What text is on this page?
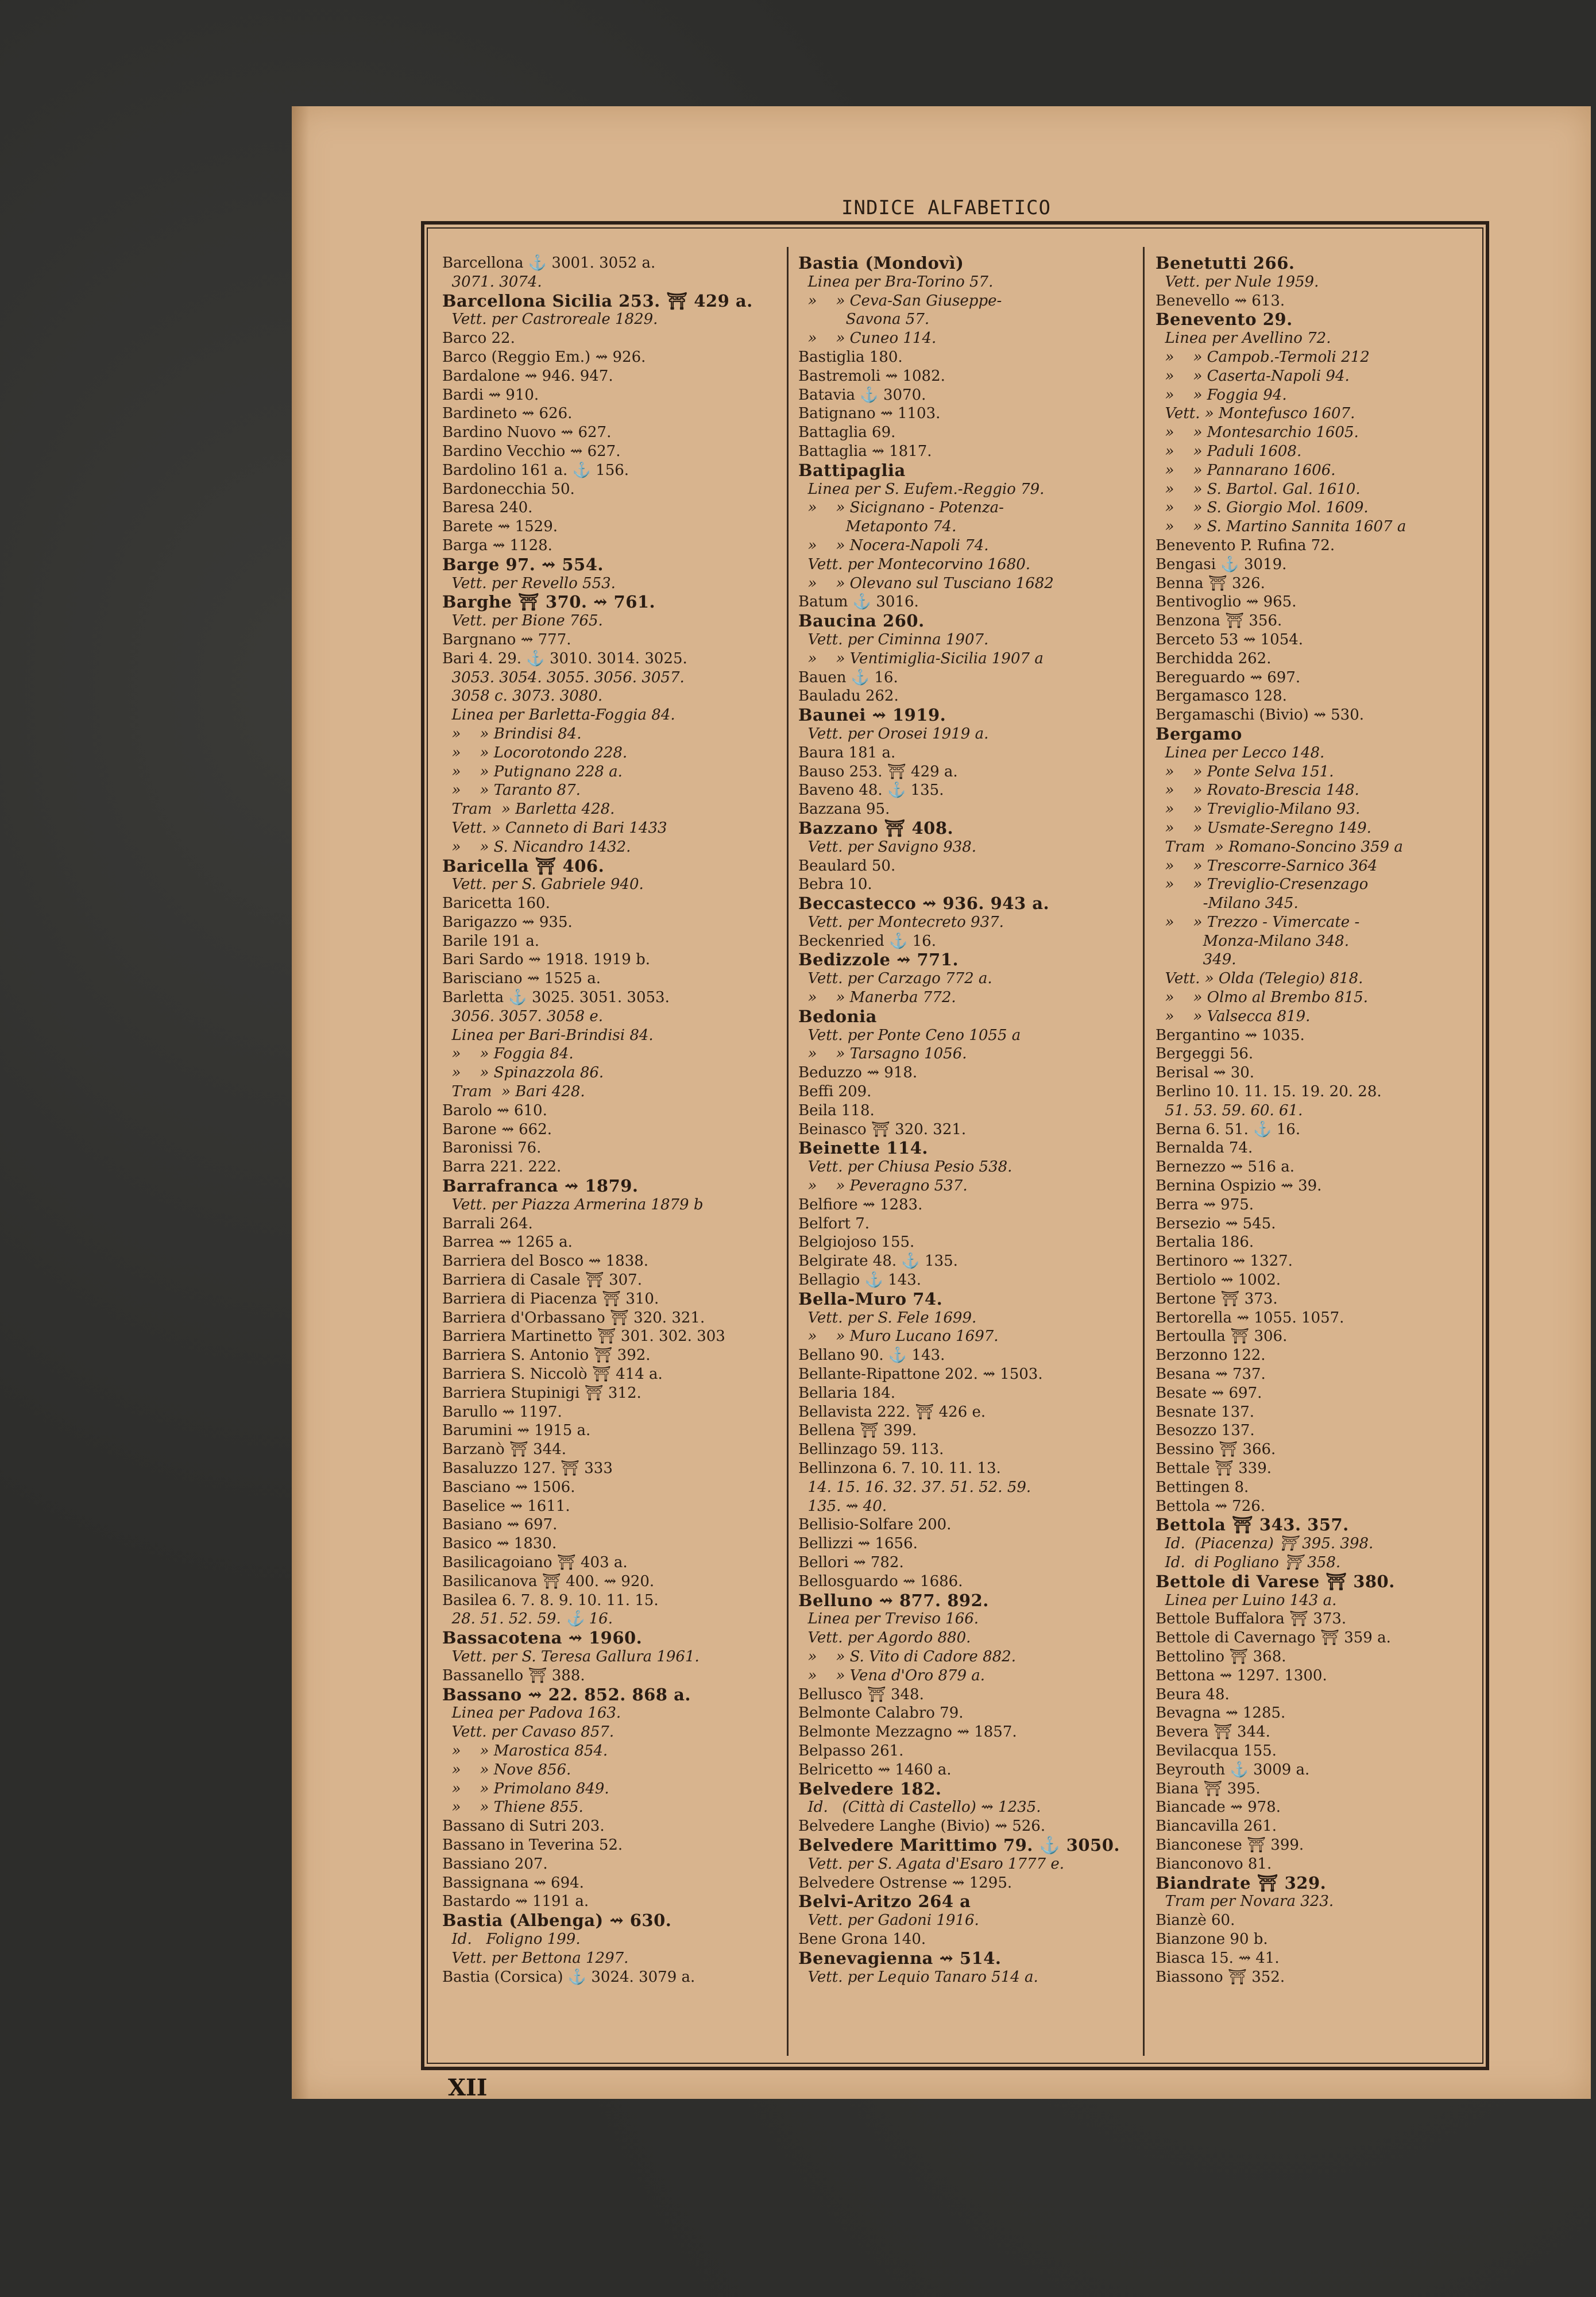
INDICE ALFABETICO
Barcellona ⚓ 3001. 3052 a.
3071. 3074.
Barcellona Sicilia 253. ⛩ 429 a.
Vett. per Castroreale 1829.
Barco 22.
Barco (Reggio Em.) ⇝ 926.
Bardalone ⇝ 946. 947.
Bardi ⇝ 910.
Bardineto ⇝ 626.
Bardino Nuovo ⇝ 627.
Bardino Vecchio ⇝ 627.
Bardolino 161 a. ⚓ 156.
Bardonecchia 50.
Baresa 240.
Barete ⇝ 1529.
Barga ⇝ 1128.
Barge 97. ⇝ 554.
Vett. per Revello 553.
Barghe ⛩ 370. ⇝ 761.
Vett. per Bione 765.
Bargnano ⇝ 777.
Bari 4. 29. ⚓ 3010. 3014. 3025.
3053. 3054. 3055. 3056. 3057.
3058 c. 3073. 3080.
Linea per Barletta-Foggia 84.
»    » Brindisi 84.
»    » Locorotondo 228.
»    » Putignano 228 a.
»    » Taranto 87.
Tram  » Barletta 428.
Vett. » Canneto di Bari 1433
»    » S. Nicandro 1432.
Baricella ⛩ 406.
Vett. per S. Gabriele 940.
Baricetta 160.
Barigazzo ⇝ 935.
Barile 191 a.
Bari Sardo ⇝ 1918. 1919 b.
Barisciano ⇝ 1525 a.
Barletta ⚓ 3025. 3051. 3053.
3056. 3057. 3058 e.
Linea per Bari-Brindisi 84.
»    » Foggia 84.
»    » Spinazzola 86.
Tram  » Bari 428.
Barolo ⇝ 610.
Barone ⇝ 662.
Baronissi 76.
Barra 221. 222.
Barrafranca ⇝ 1879.
Vett. per Piazza Armerina 1879 b
Barrali 264.
Barrea ⇝ 1265 a.
Barriera del Bosco ⇝ 1838.
Barriera di Casale ⛩ 307.
Barriera di Piacenza ⛩ 310.
Barriera d'Orbassano ⛩ 320. 321.
Barriera Martinetto ⛩ 301. 302. 303
Barriera S. Antonio ⛩ 392.
Barriera S. Niccolò ⛩ 414 a.
Barriera Stupinigi ⛩ 312.
Barullo ⇝ 1197.
Barumini ⇝ 1915 a.
Barzanò ⛩ 344.
Basaluzzo 127. ⛩ 333
Basciano ⇝ 1506.
Baselice ⇝ 1611.
Basiano ⇝ 697.
Basico ⇝ 1830.
Basilicagoiano ⛩ 403 a.
Basilicanova ⛩ 400. ⇝ 920.
Basilea 6. 7. 8. 9. 10. 11. 15.
28. 51. 52. 59. ⚓ 16.
Bassacotena ⇝ 1960.
Vett. per S. Teresa Gallura 1961.
Bassanello ⛩ 388.
Bassano ⇝ 22. 852. 868 a.
Linea per Padova 163.
Vett. per Cavaso 857.
»    » Marostica 854.
»    » Nove 856.
»    » Primolano 849.
»    » Thiene 855.
Bassano di Sutri 203.
Bassano in Teverina 52.
Bassiano 207.
Bassignana ⇝ 694.
Bastardo ⇝ 1191 a.
Bastia (Albenga) ⇝ 630.
Id.   Foligno 199.
Vett. per Bettona 1297.
Bastia (Corsica) ⚓ 3024. 3079 a.
Bastia (Mondovì)
Linea per Bra-Torino 57.
»    » Ceva-San Giuseppe-
Savona 57.
»    » Cuneo 114.
Bastiglia 180.
Bastremoli ⇝ 1082.
Batavia ⚓ 3070.
Batignano ⇝ 1103.
Battaglia 69.
Battaglia ⇝ 1817.
Battipaglia
Linea per S. Eufem.-Reggio 79.
»    » Sicignano - Potenza-
Metaponto 74.
»    » Nocera-Napoli 74.
Vett. per Montecorvino 1680.
»    » Olevano sul Tusciano 1682
Batum ⚓ 3016.
Baucina 260.
Vett. per Ciminna 1907.
»    » Ventimiglia-Sicilia 1907 a
Bauen ⚓ 16.
Bauladu 262.
Baunei ⇝ 1919.
Vett. per Orosei 1919 a.
Baura 181 a.
Bauso 253. ⛩ 429 a.
Baveno 48. ⚓ 135.
Bazzana 95.
Bazzano ⛩ 408.
Vett. per Savigno 938.
Beaulard 50.
Bebra 10.
Beccastecco ⇝ 936. 943 a.
Vett. per Montecreto 937.
Beckenried ⚓ 16.
Bedizzole ⇝ 771.
Vett. per Carzago 772 a.
»    » Manerba 772.
Bedonia
Vett. per Ponte Ceno 1055 a
»    » Tarsagno 1056.
Beduzzo ⇝ 918.
Beffi 209.
Beila 118.
Beinasco ⛩ 320. 321.
Beinette 114.
Vett. per Chiusa Pesio 538.
»    » Peveragno 537.
Belfiore ⇝ 1283.
Belfort 7.
Belgiojoso 155.
Belgirate 48. ⚓ 135.
Bellagio ⚓ 143.
Bella-Muro 74.
Vett. per S. Fele 1699.
»    » Muro Lucano 1697.
Bellano 90. ⚓ 143.
Bellante-Ripattone 202. ⇝ 1503.
Bellaria 184.
Bellavista 222. ⛩ 426 e.
Bellena ⛩ 399.
Bellinzago 59. 113.
Bellinzona 6. 7. 10. 11. 13.
14. 15. 16. 32. 37. 51. 52. 59.
135. ⇝ 40.
Bellisio-Solfare 200.
Bellizzi ⇝ 1656.
Bellori ⇝ 782.
Bellosguardo ⇝ 1686.
Belluno ⇝ 877. 892.
Linea per Treviso 166.
Vett. per Agordo 880.
»    » S. Vito di Cadore 882.
»    » Vena d'Oro 879 a.
Bellusco ⛩ 348.
Belmonte Calabro 79.
Belmonte Mezzagno ⇝ 1857.
Belpasso 261.
Belricetto ⇝ 1460 a.
Belvedere 182.
Id.   (Città di Castello) ⇝ 1235.
Belvedere Langhe (Bivio) ⇝ 526.
Belvedere Marittimo 79. ⚓ 3050.
Vett. per S. Agata d'Esaro 1777 e.
Belvedere Ostrense ⇝ 1295.
Belvi-Aritzo 264 a
Vett. per Gadoni 1916.
Bene Grona 140.
Benevagienna ⇝ 514.
Vett. per Lequio Tanaro 514 a.
Benetutti 266.
Vett. per Nule 1959.
Benevello ⇝ 613.
Benevento 29.
Linea per Avellino 72.
»    » Campob.-Termoli 212
»    » Caserta-Napoli 94.
»    » Foggia 94.
Vett. » Montefusco 1607.
»    » Montesarchio 1605.
»    » Paduli 1608.
»    » Pannarano 1606.
»    » S. Bartol. Gal. 1610.
»    » S. Giorgio Mol. 1609.
»    » S. Martino Sannita 1607 a
Benevento P. Rufina 72.
Bengasi ⚓ 3019.
Benna ⛩ 326.
Bentivoglio ⇝ 965.
Benzona ⛩ 356.
Berceto 53 ⇝ 1054.
Berchidda 262.
Bereguardo ⇝ 697.
Bergamasco 128.
Bergamaschi (Bivio) ⇝ 530.
Bergamo
Linea per Lecco 148.
»    » Ponte Selva 151.
»    » Rovato-Brescia 148.
»    » Treviglio-Milano 93.
»    » Usmate-Seregno 149.
Tram  » Romano-Soncino 359 a
»    » Trescorre-Sarnico 364
»    » Treviglio-Cresenzago
-Milano 345.
»    » Trezzo - Vimercate -
Monza-Milano 348.
349.
Vett. » Olda (Telegio) 818.
»    » Olmo al Brembo 815.
»    » Valsecca 819.
Bergantino ⇝ 1035.
Bergeggi 56.
Berisal ⇝ 30.
Berlino 10. 11. 15. 19. 20. 28.
51. 53. 59. 60. 61.
Berna 6. 51. ⚓ 16.
Bernalda 74.
Bernezzo ⇝ 516 a.
Bernina Ospizio ⇝ 39.
Berra ⇝ 975.
Bersezio ⇝ 545.
Bertalia 186.
Bertinoro ⇝ 1327.
Bertiolo ⇝ 1002.
Bertone ⛩ 373.
Bertorella ⇝ 1055. 1057.
Bertoulla ⛩ 306.
Berzonno 122.
Besana ⇝ 737.
Besate ⇝ 697.
Besnate 137.
Besozzo 137.
Bessino ⛩ 366.
Bettale ⛩ 339.
Bettingen 8.
Bettola ⇝ 726.
Bettola ⛩ 343. 357.
Id.  (Piacenza) ⛩ 395. 398.
Id.  di Pogliano ⛩ 358.
Bettole di Varese ⛩ 380.
Linea per Luino 143 a.
Bettole Buffalora ⛩ 373.
Bettole di Cavernago ⛩ 359 a.
Bettolino ⛩ 368.
Bettona ⇝ 1297. 1300.
Beura 48.
Bevagna ⇝ 1285.
Bevera ⛩ 344.
Bevilacqua 155.
Beyrouth ⚓ 3009 a.
Biana ⛩ 395.
Biancade ⇝ 978.
Biancavilla 261.
Bianconese ⛩ 399.
Bianconovo 81.
Biandrate ⛩ 329.
Tram per Novara 323.
Bianzè 60.
Bianzone 90 b.
Biasca 15. ⇝ 41.
Biassono ⛩ 352.
XII
